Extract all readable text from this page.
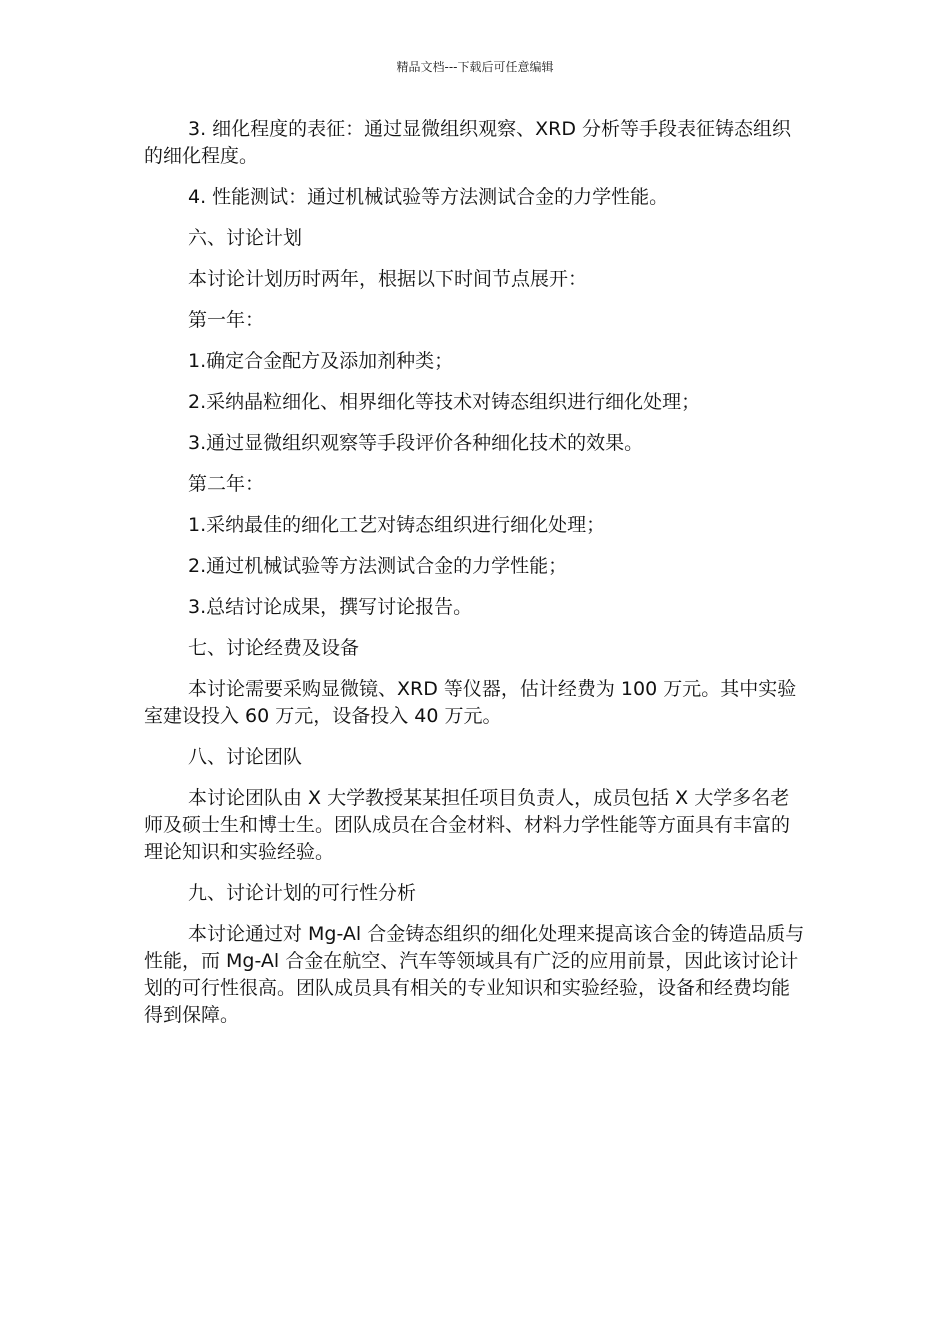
精品文档---下载后可任意编辑

3. 细化程度的表征：通过显微组织观察、XRD 分析等手段表征铸态组织的细化程度。

4. 性能测试：通过机械试验等方法测试合金的力学性能。

六、讨论计划

本讨论计划历时两年，根据以下时间节点展开：

第一年：

1.确定合金配方及添加剂种类；

2.采纳晶粒细化、相界细化等技术对铸态组织进行细化处理；

3.通过显微组织观察等手段评价各种细化技术的效果。

第二年：

1.采纳最佳的细化工艺对铸态组织进行细化处理；

2.通过机械试验等方法测试合金的力学性能；

3.总结讨论成果，撰写讨论报告。

七、讨论经费及设备

本讨论需要采购显微镜、XRD 等仪器，估计经费为 100 万元。其中实验室建设投入 60 万元，设备投入 40 万元。

八、讨论团队

本讨论团队由 X 大学教授某某担任项目负责人，成员包括 X 大学多名老师及硕士生和博士生。团队成员在合金材料、材料力学性能等方面具有丰富的理论知识和实验经验。

九、讨论计划的可行性分析

本讨论通过对 Mg-Al 合金铸态组织的细化处理来提高该合金的铸造品质与性能，而 Mg-Al 合金在航空、汽车等领域具有广泛的应用前景，因此该讨论计划的可行性很高。团队成员具有相关的专业知识和实验经验，设备和经费均能得到保障。
